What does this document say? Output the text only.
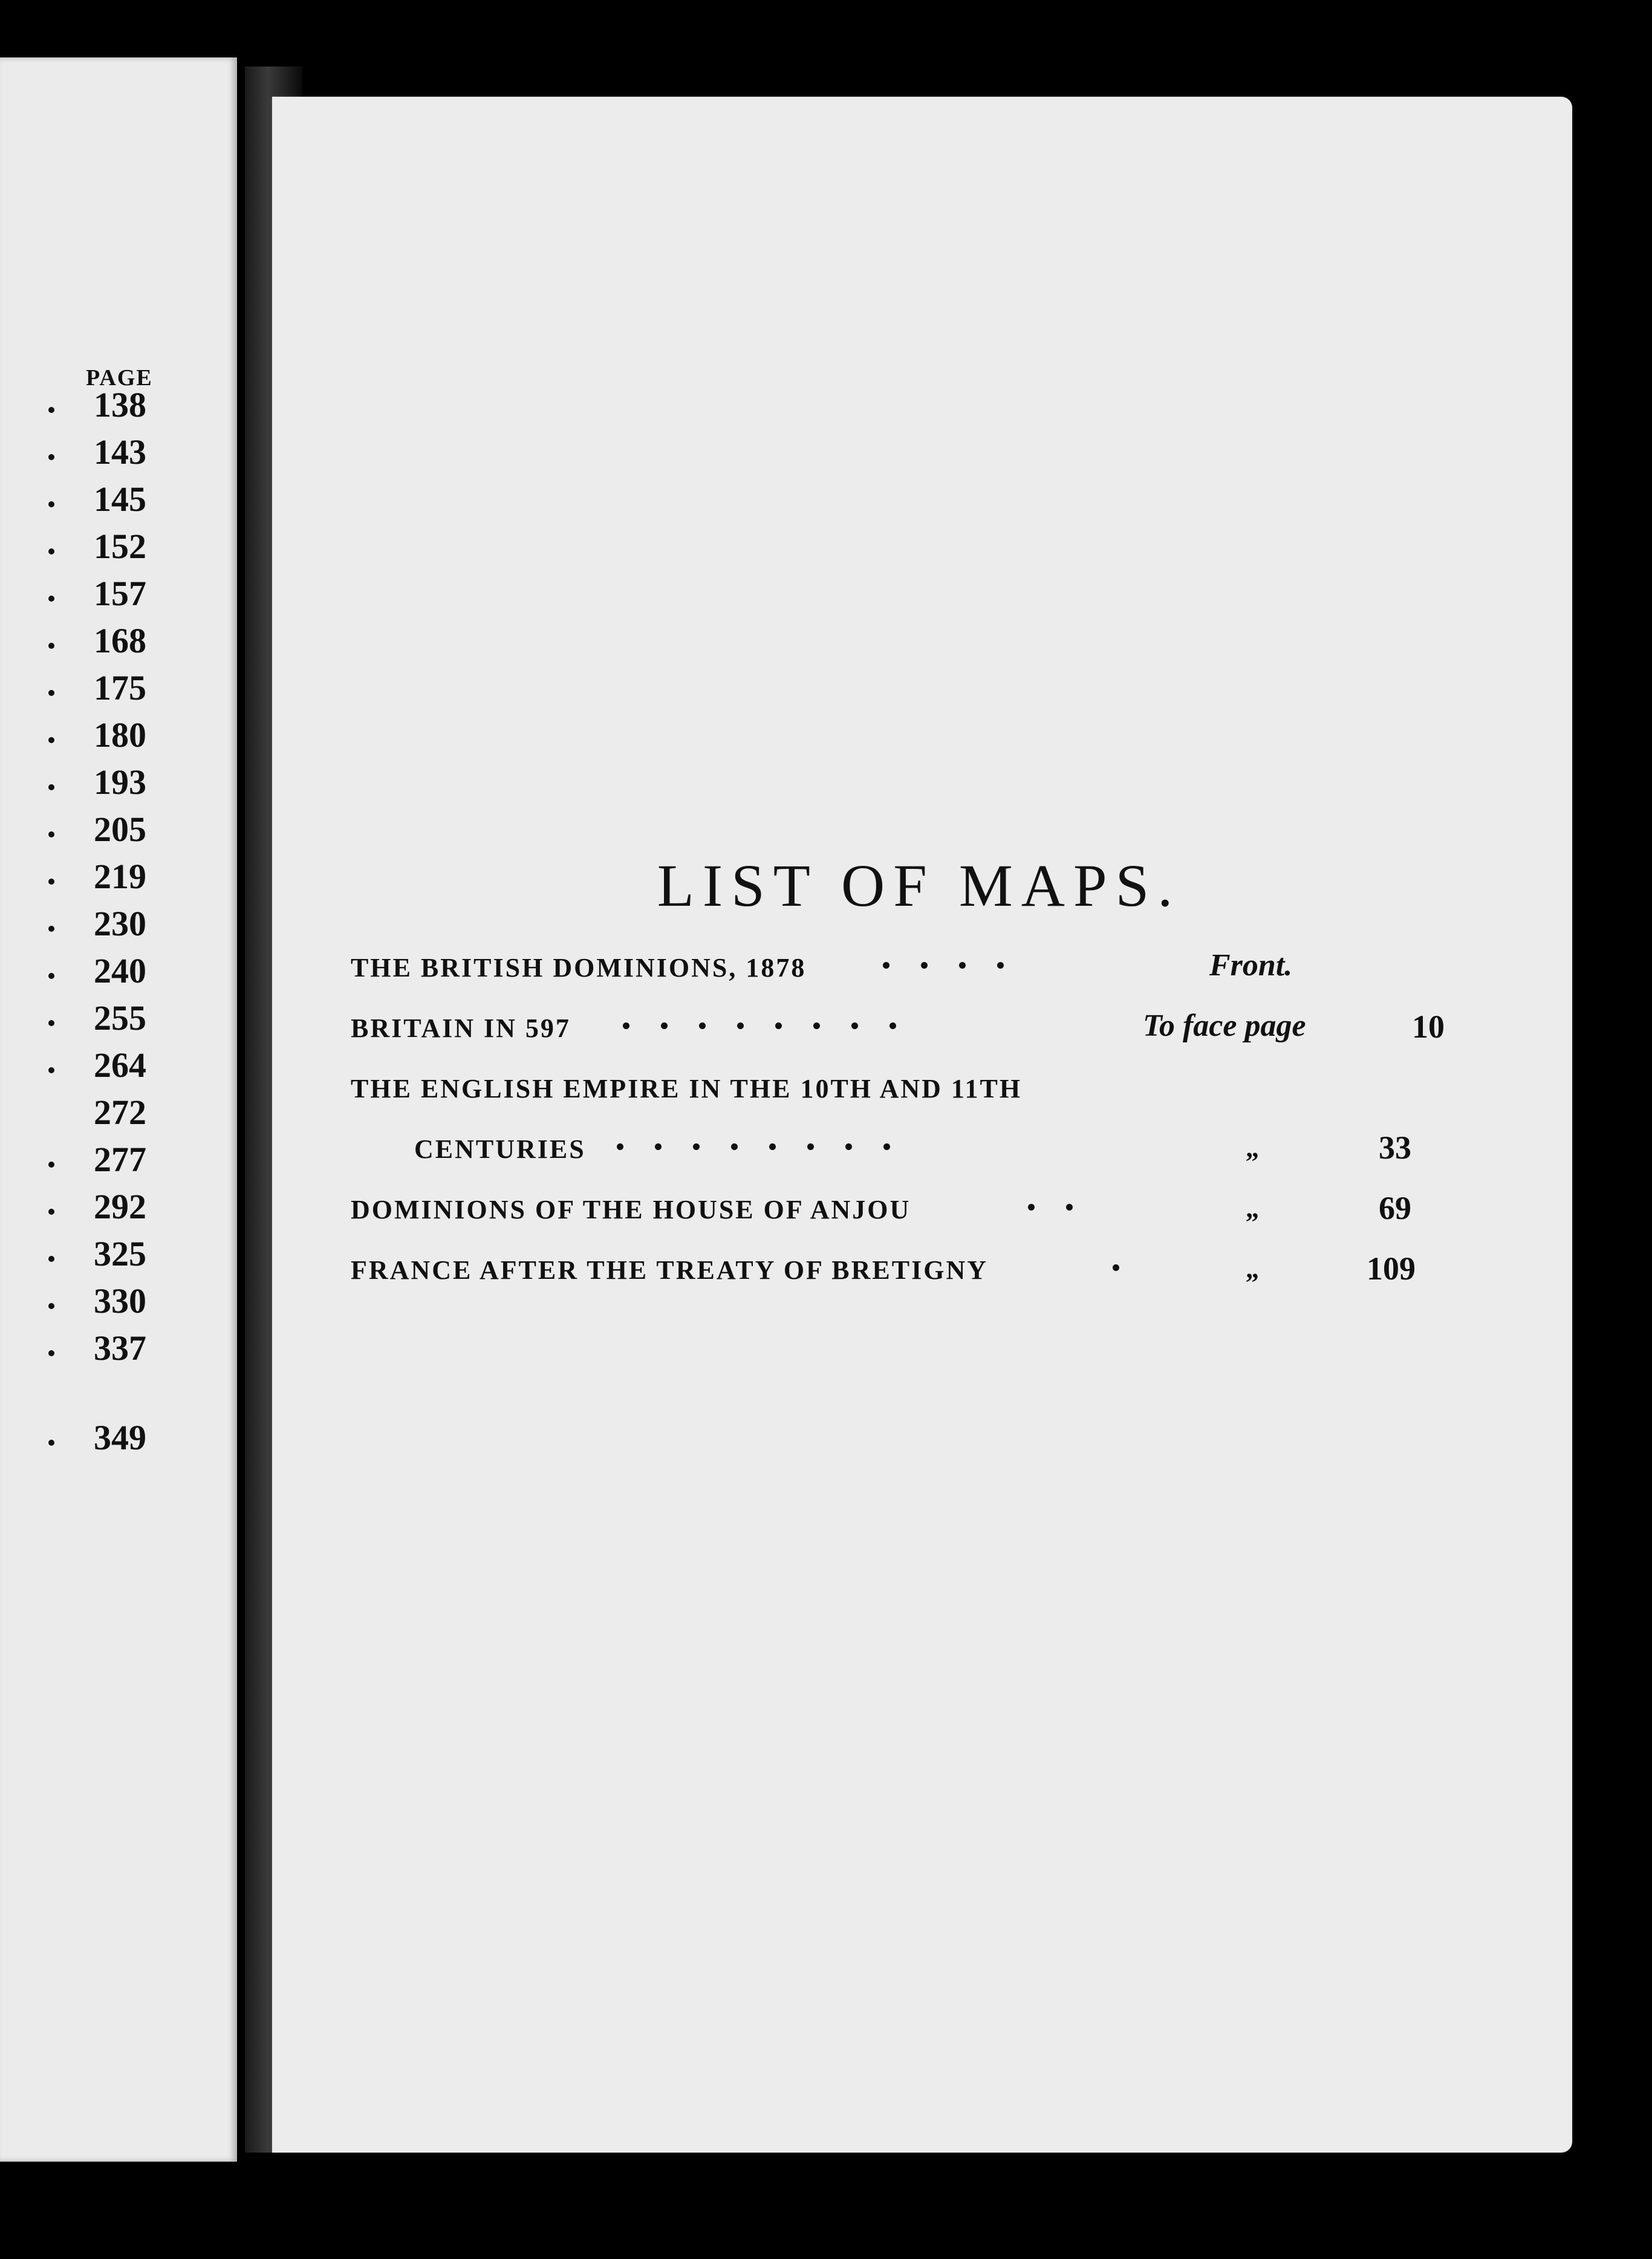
PAGE
138
143
145
152
157
168
175
180
193
205
219
230
240
255
264
272
277
292
325
330
337
349
LIST OF MAPS.
THE BRITISH DOMINIONS, 1878	Front.
BRITAIN IN 597	To face page	10
THE ENGLISH EMPIRE IN THE 10TH AND 11TH
CENTURIES	„	33
DOMINIONS OF THE HOUSE OF ANJOU	„	69
FRANCE AFTER THE TREATY OF BRETIGNY	„	109
